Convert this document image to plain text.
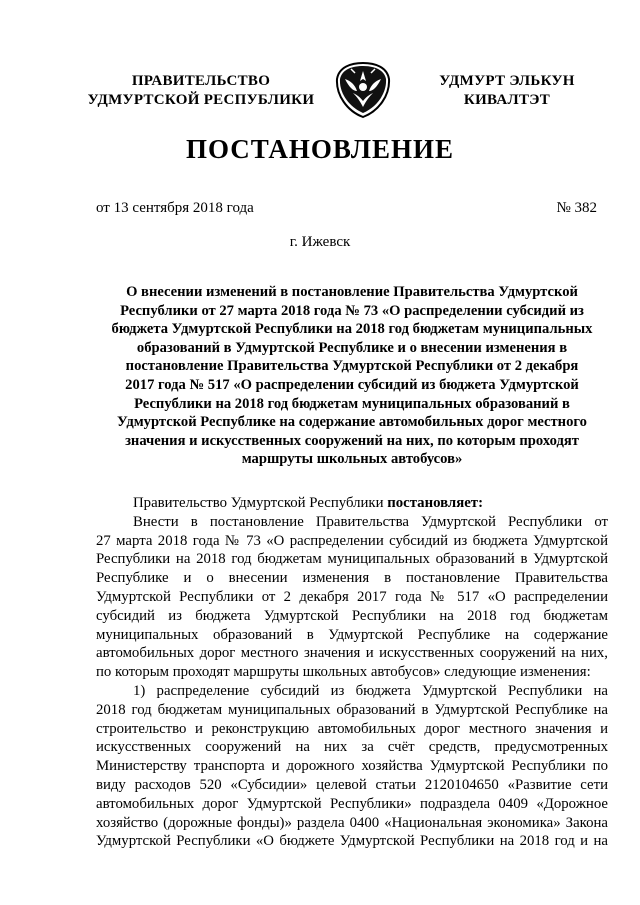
ПРАВИТЕЛЬСТВО
УДМУРТСКОЙ РЕСПУБЛИКИ
УДМУРТ ЭЛЬКУН
КИВАЛТЭТ
ПОСТАНОВЛЕНИЕ
от 13 сентября 2018 года	№ 382
г. Ижевск
О внесении изменений в постановление Правительства Удмуртской
Республики от 27 марта 2018 года № 73 «О распределении субсидий из
бюджета Удмуртской Республики на 2018 год бюджетам муниципальных
образований в Удмуртской Республике и о внесении изменения в
постановление Правительства Удмуртской Республики от 2 декабря
2017 года № 517 «О распределении субсидий из бюджета Удмуртской
Республики на 2018 год бюджетам муниципальных образований в
Удмуртской Республике на содержание автомобильных дорог местного
значения и искусственных сооружений на них, по которым проходят
маршруты школьных автобусов»
Правительство Удмуртской Республики постановляет:
Внести в постановление Правительства Удмуртской Республики от
27 марта 2018 года № 73 «О распределении субсидий из бюджета Удмуртской
Республики на 2018 год бюджетам муниципальных образований в Удмуртской
Республике и о внесении изменения в постановление Правительства
Удмуртской Республики от 2 декабря 2017 года № 517 «О распределении
субсидий из бюджета Удмуртской Республики на 2018 год бюджетам
муниципальных образований в Удмуртской Республике на содержание
автомобильных дорог местного значения и искусственных сооружений на них,
по которым проходят маршруты школьных автобусов» следующие изменения:
1) распределение субсидий из бюджета Удмуртской Республики на
2018 год бюджетам муниципальных образований в Удмуртской Республике на
строительство и реконструкцию автомобильных дорог местного значения и
искусственных сооружений на них за счёт средств, предусмотренных
Министерству транспорта и дорожного хозяйства Удмуртской Республики по
виду расходов 520 «Субсидии» целевой статьи 2120104650 «Развитие сети
автомобильных дорог Удмуртской Республики» подраздела 0409 «Дорожное
хозяйство (дорожные фонды)» раздела 0400 «Национальная экономика» Закона
Удмуртской Республики «О бюджете Удмуртской Республики на 2018 год и на
